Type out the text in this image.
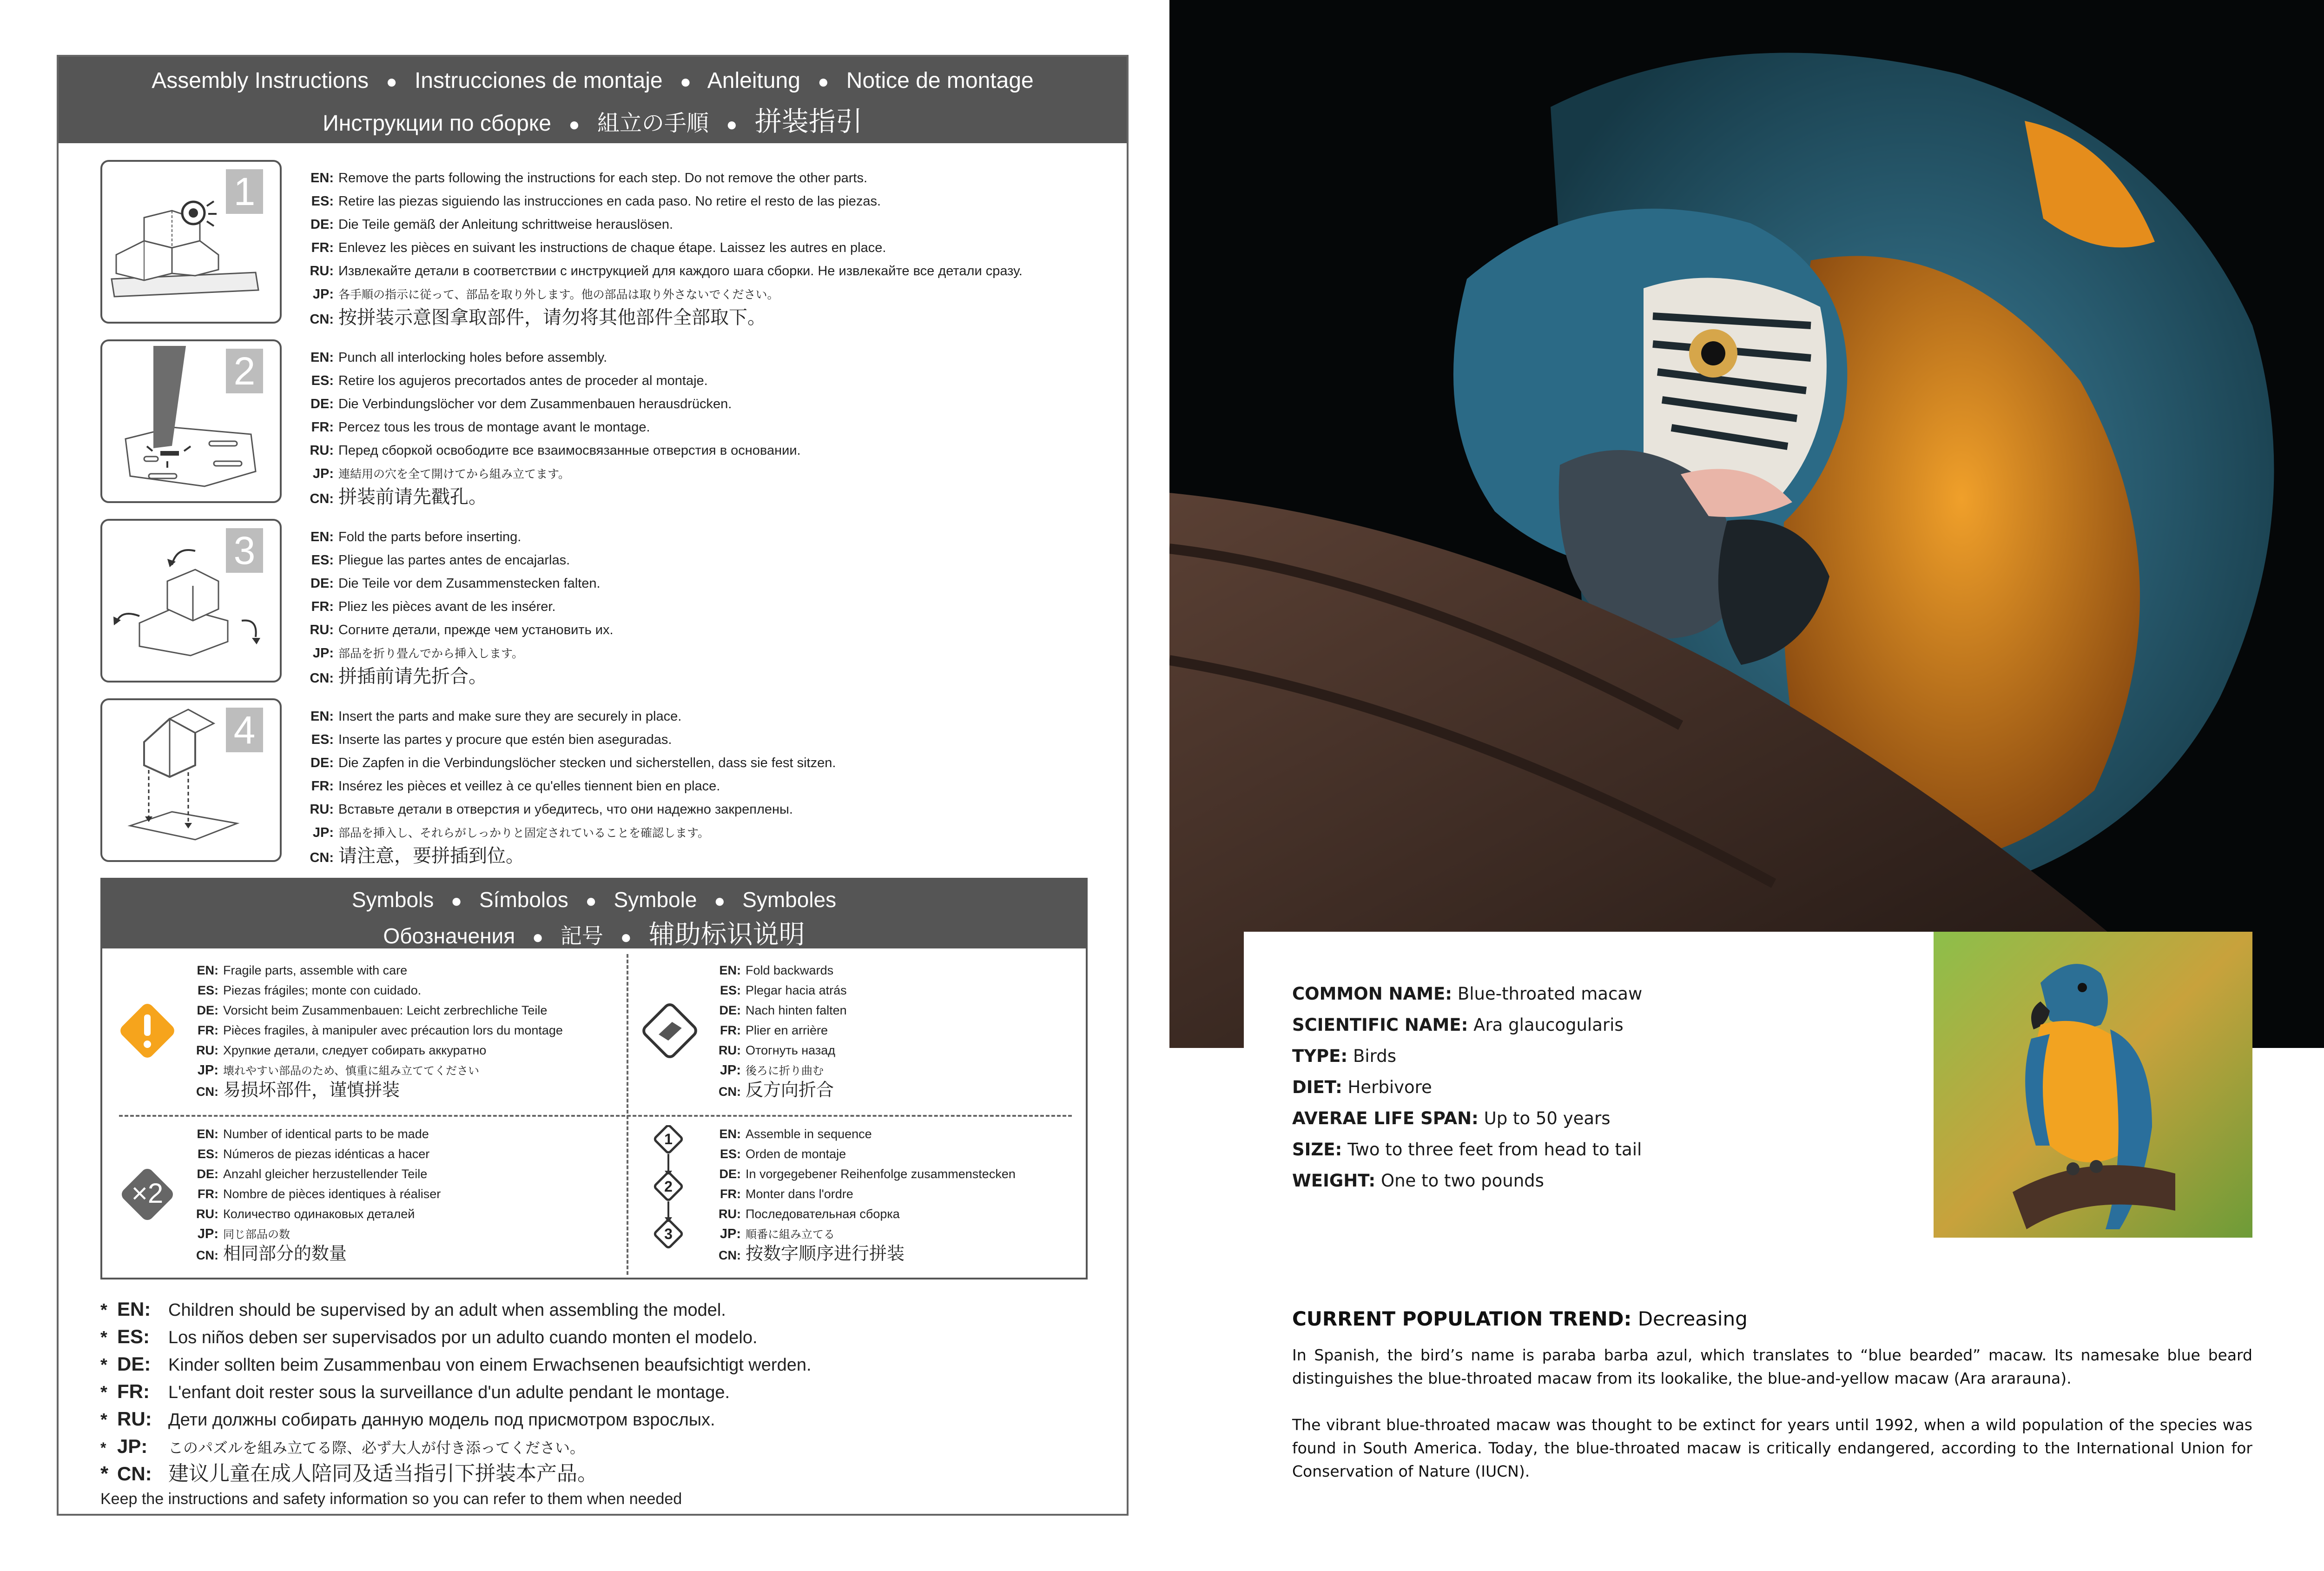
Assembly Instructions ● Instrucciones de montaje ● Anleitung ● Notice de montage
Инструкции по сборке ● 組立の手順 ● 拼装指引
1	EN: Remove the parts following the instructions for each step. Do not remove the other parts.
ES: Retire las piezas siguiendo las instrucciones en cada paso. No retire el resto de las piezas.
DE: Die Teile gemäß der Anleitung schrittweise herauslösen.
FR: Enlevez les pièces en suivant les instructions de chaque étape. Laissez les autres en place.
RU: Извлекайте детали в соответствии с инструкцией для каждого шага сборки. Не извлекайте все детали сразу.
JP: 各手順の指示に従って、部品を取り外します。他の部品は取り外さないでください。
CN: 按拼装示意图拿取部件，请勿将其他部件全部取下。
2	EN: Punch all interlocking holes before assembly.
ES: Retire los agujeros precortados antes de proceder al montaje.
DE: Die Verbindungslöcher vor dem Zusammenbauen herausdrücken.
FR: Percez tous les trous de montage avant le montage.
RU: Перед сборкой освободите все взаимосвязанные отверстия в основании.
JP: 連結用の穴を全て開けてから組み立てます。
CN: 拼装前请先戳孔。
3	EN: Fold the parts before inserting.
ES: Pliegue las partes antes de encajarlas.
DE: Die Teile vor dem Zusammenstecken falten.
FR: Pliez les pièces avant de les insérer.
RU: Согните детали, прежде чем установить их.
JP: 部品を折り畳んでから挿入します。
CN: 拼插前请先折合。
4	EN: Insert the parts and make sure they are securely in place.
ES: Inserte las partes y procure que estén bien aseguradas.
DE: Die Zapfen in die Verbindungslöcher stecken und sicherstellen, dass sie fest sitzen.
FR: Insérez les pièces et veillez à ce qu'elles tiennent bien en place.
RU: Вставьте детали в отверстия и убедитесь, что они надежно закреплены.
JP: 部品を挿入し、それらがしっかりと固定されていることを確認します。
CN: 请注意，要拼插到位。
Symbols ● Símbolos ● Symbole ● Symboles
Обозначения ● 記号 ● 辅助标识说明
EN: Fragile parts, assemble with care
ES: Piezas frágiles; monte con cuidado.
DE: Vorsicht beim Zusammenbauen: Leicht zerbrechliche Teile
FR: Pièces fragiles, à manipuler avec précaution lors du montage
RU: Хрупкие детали, следует собирать аккуратно
JP: 壊れやすい部品のため、慎重に組み立ててください
CN: 易损坏部件，谨慎拼装
EN: Fold backwards
ES: Plegar hacia atrás
DE: Nach hinten falten
FR: Plier en arrière
RU: Отогнуть назад
JP: 後ろに折り曲む
CN: 反方向折合
×2
EN: Number of identical parts to be made
ES: Números de piezas idénticas a hacer
DE: Anzahl gleicher herzustellender Teile
FR: Nombre de pièces identiques à réaliser
RU: Количество одинаковых деталей
JP: 同じ部品の数
CN: 相同部分的数量
1
2
3
EN: Assemble in sequence
ES: Orden de montaje
DE: In vorgegebener Reihenfolge zusammenstecken
FR: Monter dans l'ordre
RU: Последовательная сборка
JP: 順番に組み立てる
CN: 按数字顺序进行拼装
* EN: Children should be supervised by an adult when assembling the model.
* ES: Los niños deben ser supervisados por un adulto cuando monten el modelo.
* DE: Kinder sollten beim Zusammenbau von einem Erwachsenen beaufsichtigt werden.
* FR: L'enfant doit rester sous la surveillance d'un adulte pendant le montage.
* RU: Дети должны собирать данную модель под присмотром взрослых.
* JP: このパズルを組み立てる際、必ず大人が付き添ってください。
* CN: 建议儿童在成人陪同及适当指引下拼装本产品。
Keep the instructions and safety information so you can refer to them when needed
COMMON NAME: Blue-throated macaw
SCIENTIFIC NAME: Ara glaucogularis
TYPE: Birds
DIET: Herbivore
AVERAE LIFE SPAN: Up to 50 years
SIZE: Two to three feet from head to tail
WEIGHT: One to two pounds
CURRENT POPULATION TREND: Decreasing
In Spanish, the bird’s name is paraba barba azul, which translates to “blue bearded” macaw. Its namesake blue beard distinguishes the blue-throated macaw from its lookalike, the blue-and-yellow macaw (Ara ararauna).
The vibrant blue-throated macaw was thought to be extinct for years until 1992, when a wild population of the species was found in South America. Today, the blue-throated macaw is critically endangered, according to the International Union for Conservation of Nature (IUCN).
